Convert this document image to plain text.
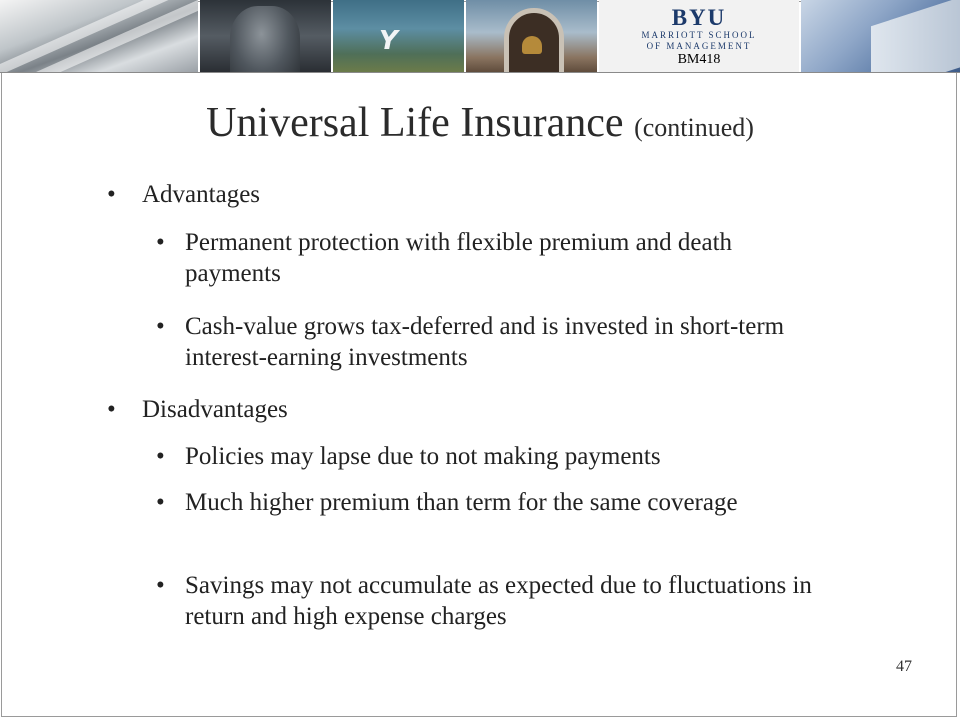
Y
BYU
MARRIOTT SCHOOL
OF MANAGEMENT
BM418
Universal Life Insurance (continued)
• Advantages
• Permanent protection with flexible premium and death payments
• Cash-value grows tax-deferred and is invested in short-term interest-earning investments
• Disadvantages
• Policies may lapse due to not making payments
• Much higher premium than term for the same coverage
• Savings may not accumulate as expected due to fluctuations in return and high expense charges
47
